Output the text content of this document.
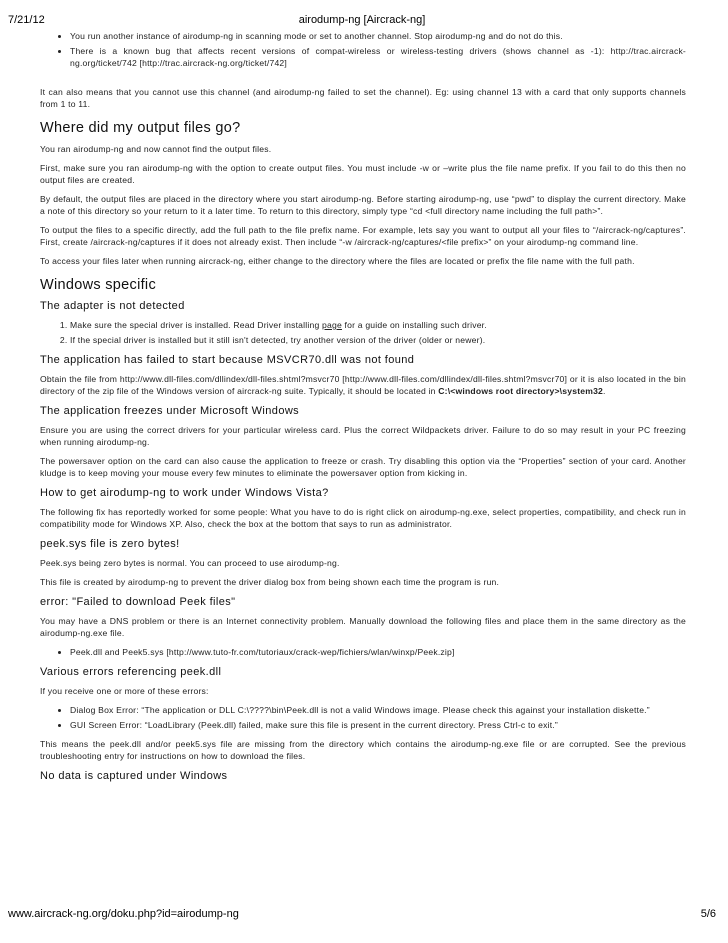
7/21/12	airodump-ng [Aircrack-ng]
• You run another instance of airodump-ng in scanning mode or set to another channel. Stop airodump-ng and do not do this.
• There is a known bug that affects recent versions of compat-wireless or wireless-testing drivers (shows channel as -1): http://trac.aircrack-ng.org/ticket/742 [http://trac.aircrack-ng.org/ticket/742]

It can also means that you cannot use this channel (and airodump-ng failed to set the channel). Eg: using channel 13 with a card that only supports channels from 1 to 11.

Where did my output files go?

You ran airodump-ng and now cannot find the output files.

First, make sure you ran airodump-ng with the option to create output files. You must include -w or –write plus the file name prefix. If you fail to do this then no output files are created.

By default, the output files are placed in the directory where you start airodump-ng. Before starting airodump-ng, use “pwd” to display the current directory. Make a note of this directory so your return to it a later time. To return to this directory, simply type “cd <full directory name including the full path>”.

To output the files to a specific directly, add the full path to the file prefix name. For example, lets say you want to output all your files to “/aircrack-ng/captures”. First, create /aircrack-ng/captures if it does not already exist. Then include “-w /aircrack-ng/captures/<file prefix>” on your airodump-ng command line.

To access your files later when running aircrack-ng, either change to the directory where the files are located or prefix the file name with the full path.

Windows specific
The adapter is not detected
1. Make sure the special driver is installed. Read Driver installing page for a guide on installing such driver.
2. If the special driver is installed but it still isn't detected, try another version of the driver (older or newer).
The application has failed to start because MSVCR70.dll was not found

Obtain the file from http://www.dll-files.com/dllindex/dll-files.shtml?msvcr70 [http://www.dll-files.com/dllindex/dll-files.shtml?msvcr70] or it is also located in the bin directory of the zip file of the Windows version of aircrack-ng suite. Typically, it should be located in C:\<windows root directory>\system32.

The application freezes under Microsoft Windows

Ensure you are using the correct drivers for your particular wireless card. Plus the correct Wildpackets driver. Failure to do so may result in your PC freezing when running airodump-ng.

The powersaver option on the card can also cause the application to freeze or crash. Try disabling this option via the “Properties” section of your card. Another kludge is to keep moving your mouse every few minutes to eliminate the powersaver option from kicking in.

How to get airodump-ng to work under Windows Vista?

The following fix has reportedly worked for some people: What you have to do is right click on airodump-ng.exe, select properties, compatibility, and check run in compatibility mode for Windows XP. Also, check the box at the bottom that says to run as administrator.

peek.sys file is zero bytes!

Peek.sys being zero bytes is normal. You can proceed to use airodump-ng.

This file is created by airodump-ng to prevent the driver dialog box from being shown each time the program is run.

error: "Failed to download Peek files"

You may have a DNS problem or there is an Internet connectivity problem. Manually download the following files and place them in the same directory as the airodump-ng.exe file.

• Peek.dll and Peek5.sys [http://www.tuto-fr.com/tutoriaux/crack-wep/fichiers/wlan/winxp/Peek.zip]
Various errors referencing peek.dll

If you receive one or more of these errors:

• Dialog Box Error: “The application or DLL C:\????\bin\Peek.dll is not a valid Windows image. Please check this against your installation diskette.”
• GUI Screen Error: “LoadLibrary (Peek.dll) failed, make sure this file is present in the current directory. Press Ctrl-c to exit.”

This means the peek.dll and/or peek5.sys file are missing from the directory which contains the airodump-ng.exe file or are corrupted. See the previous troubleshooting entry for instructions on how to download the files.

No data is captured under Windows
www.aircrack-ng.org/doku.php?id=airodump-ng	5/6
